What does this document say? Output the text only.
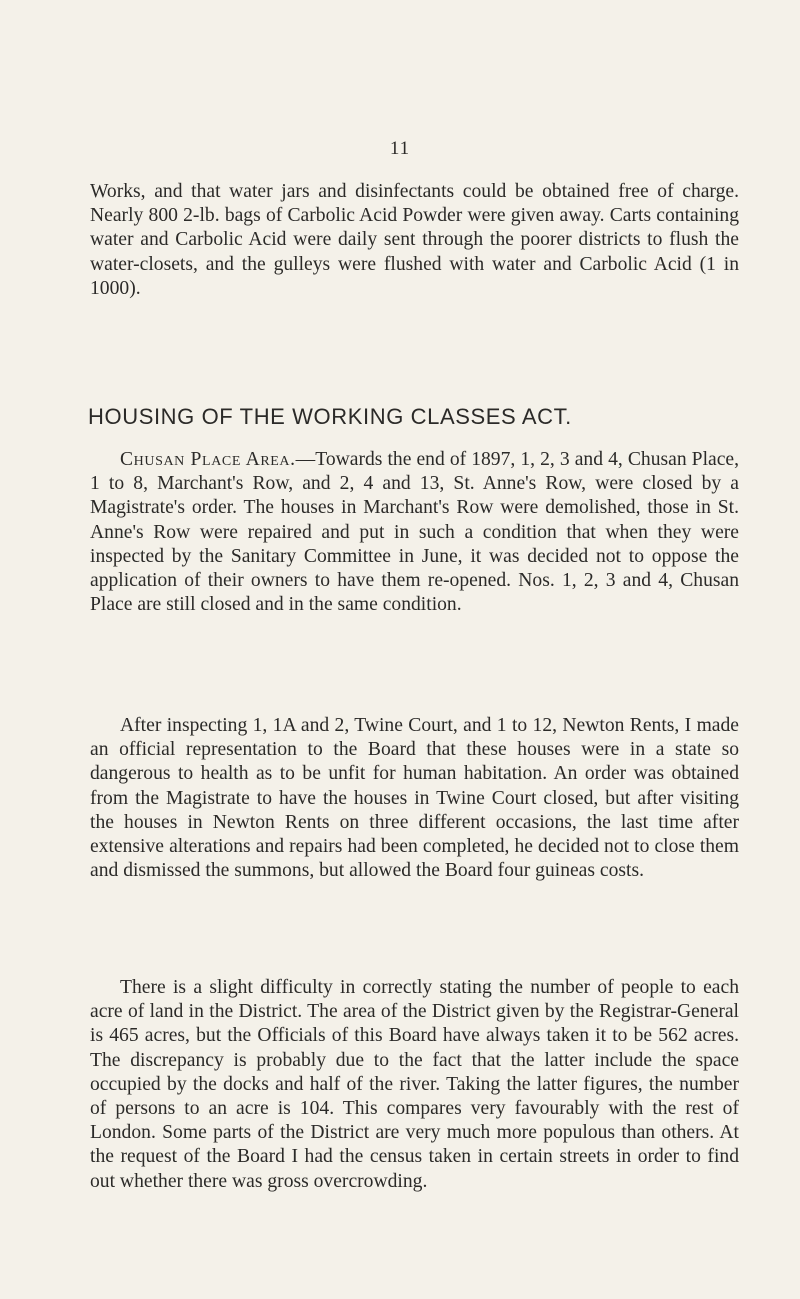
11

Works, and that water jars and disinfectants could be obtained free of charge. Nearly 800 2-lb. bags of Carbolic Acid Powder were given away. Carts containing water and Carbolic Acid were daily sent through the poorer districts to flush the water-closets, and the gulleys were flushed with water and Carbolic Acid (1 in 1000).

HOUSING OF THE WORKING CLASSES ACT.

Chusan Place Area.—Towards the end of 1897, 1, 2, 3 and 4, Chusan Place, 1 to 8, Marchant's Row, and 2, 4 and 13, St. Anne's Row, were closed by a Magistrate's order. The houses in Marchant's Row were demolished, those in St. Anne's Row were repaired and put in such a condition that when they were inspected by the Sanitary Committee in June, it was decided not to oppose the application of their owners to have them re-opened. Nos. 1, 2, 3 and 4, Chusan Place are still closed and in the same condition.

After inspecting 1, 1A and 2, Twine Court, and 1 to 12, Newton Rents, I made an official representation to the Board that these houses were in a state so dangerous to health as to be unfit for human habitation. An order was obtained from the Magistrate to have the houses in Twine Court closed, but after visiting the houses in Newton Rents on three different occasions, the last time after extensive alterations and repairs had been completed, he decided not to close them and dismissed the summons, but allowed the Board four guineas costs.

There is a slight difficulty in correctly stating the number of people to each acre of land in the District. The area of the District given by the Registrar-General is 465 acres, but the Officials of this Board have always taken it to be 562 acres. The discrepancy is probably due to the fact that the latter include the space occupied by the docks and half of the river. Taking the latter figures, the number of persons to an acre is 104. This compares very favourably with the rest of London. Some parts of the District are very much more populous than others. At the request of the Board I had the census taken in certain streets in order to find out whether there was gross overcrowding.
